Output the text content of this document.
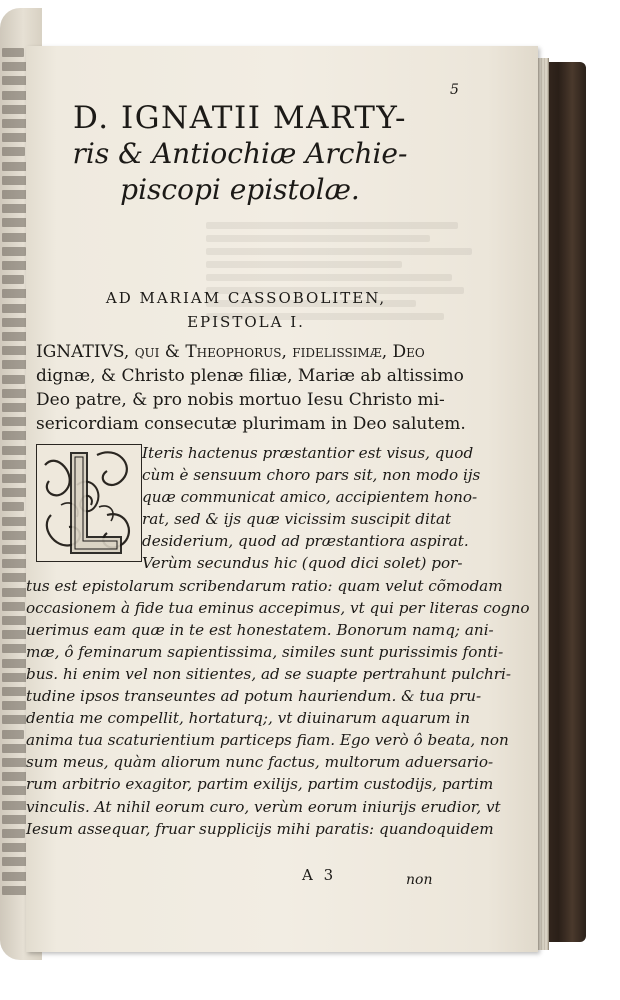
5
D. IGNATII MARTY-
ris & Antiochiæ Archie-
piscopi epistolæ.
AD MARIAM CASSOBOLITEN,
EPISTOLA I.
IGNATIVS, qui & Theophorus, fidelissimæ, Deo
dignæ, & Christo plenæ filiæ, Mariæ ab altissimo
Deo patre, & pro nobis mortuo Iesu Christo mi-
sericordiam consecutæ plurimam in Deo salutem.
Iteris hactenus præstantior est visus, quod
cùm è sensuum choro pars sit, non modo ijs
quæ communicat amico, accipientem hono-
rat, sed & ijs quæ vicissim suscipit ditat
desiderium, quod ad præstantiora aspirat.
Verùm secundus hic (quod dici solet) por-
tus est epistolarum scribendarum ratio: quam velut cõmodam
occasionem à fide tua eminus accepimus, vt qui per literas cogno
uerimus eam quæ in te est honestatem. Bonorum namq; ani-
mæ, ô feminarum sapientissima, similes sunt purissimis fonti-
bus. hi enim vel non sitientes, ad se suapte pertrahunt pulchri-
tudine ipsos transeuntes ad potum hauriendum. & tua pru-
dentia me compellit, hortaturq;, vt diuinarum aquarum in
anima tua scaturientium particeps fiam. Ego verò ô beata, non
sum meus, quàm aliorum nunc factus, multorum aduersario-
rum arbitrio exagitor, partim exilijs, partim custodijs, partim
vinculis. At nihil eorum curo, verùm eorum iniurijs erudior, vt
Iesum assequar, fruar supplicijs mihi paratis: quandoquidem
A 3	non
